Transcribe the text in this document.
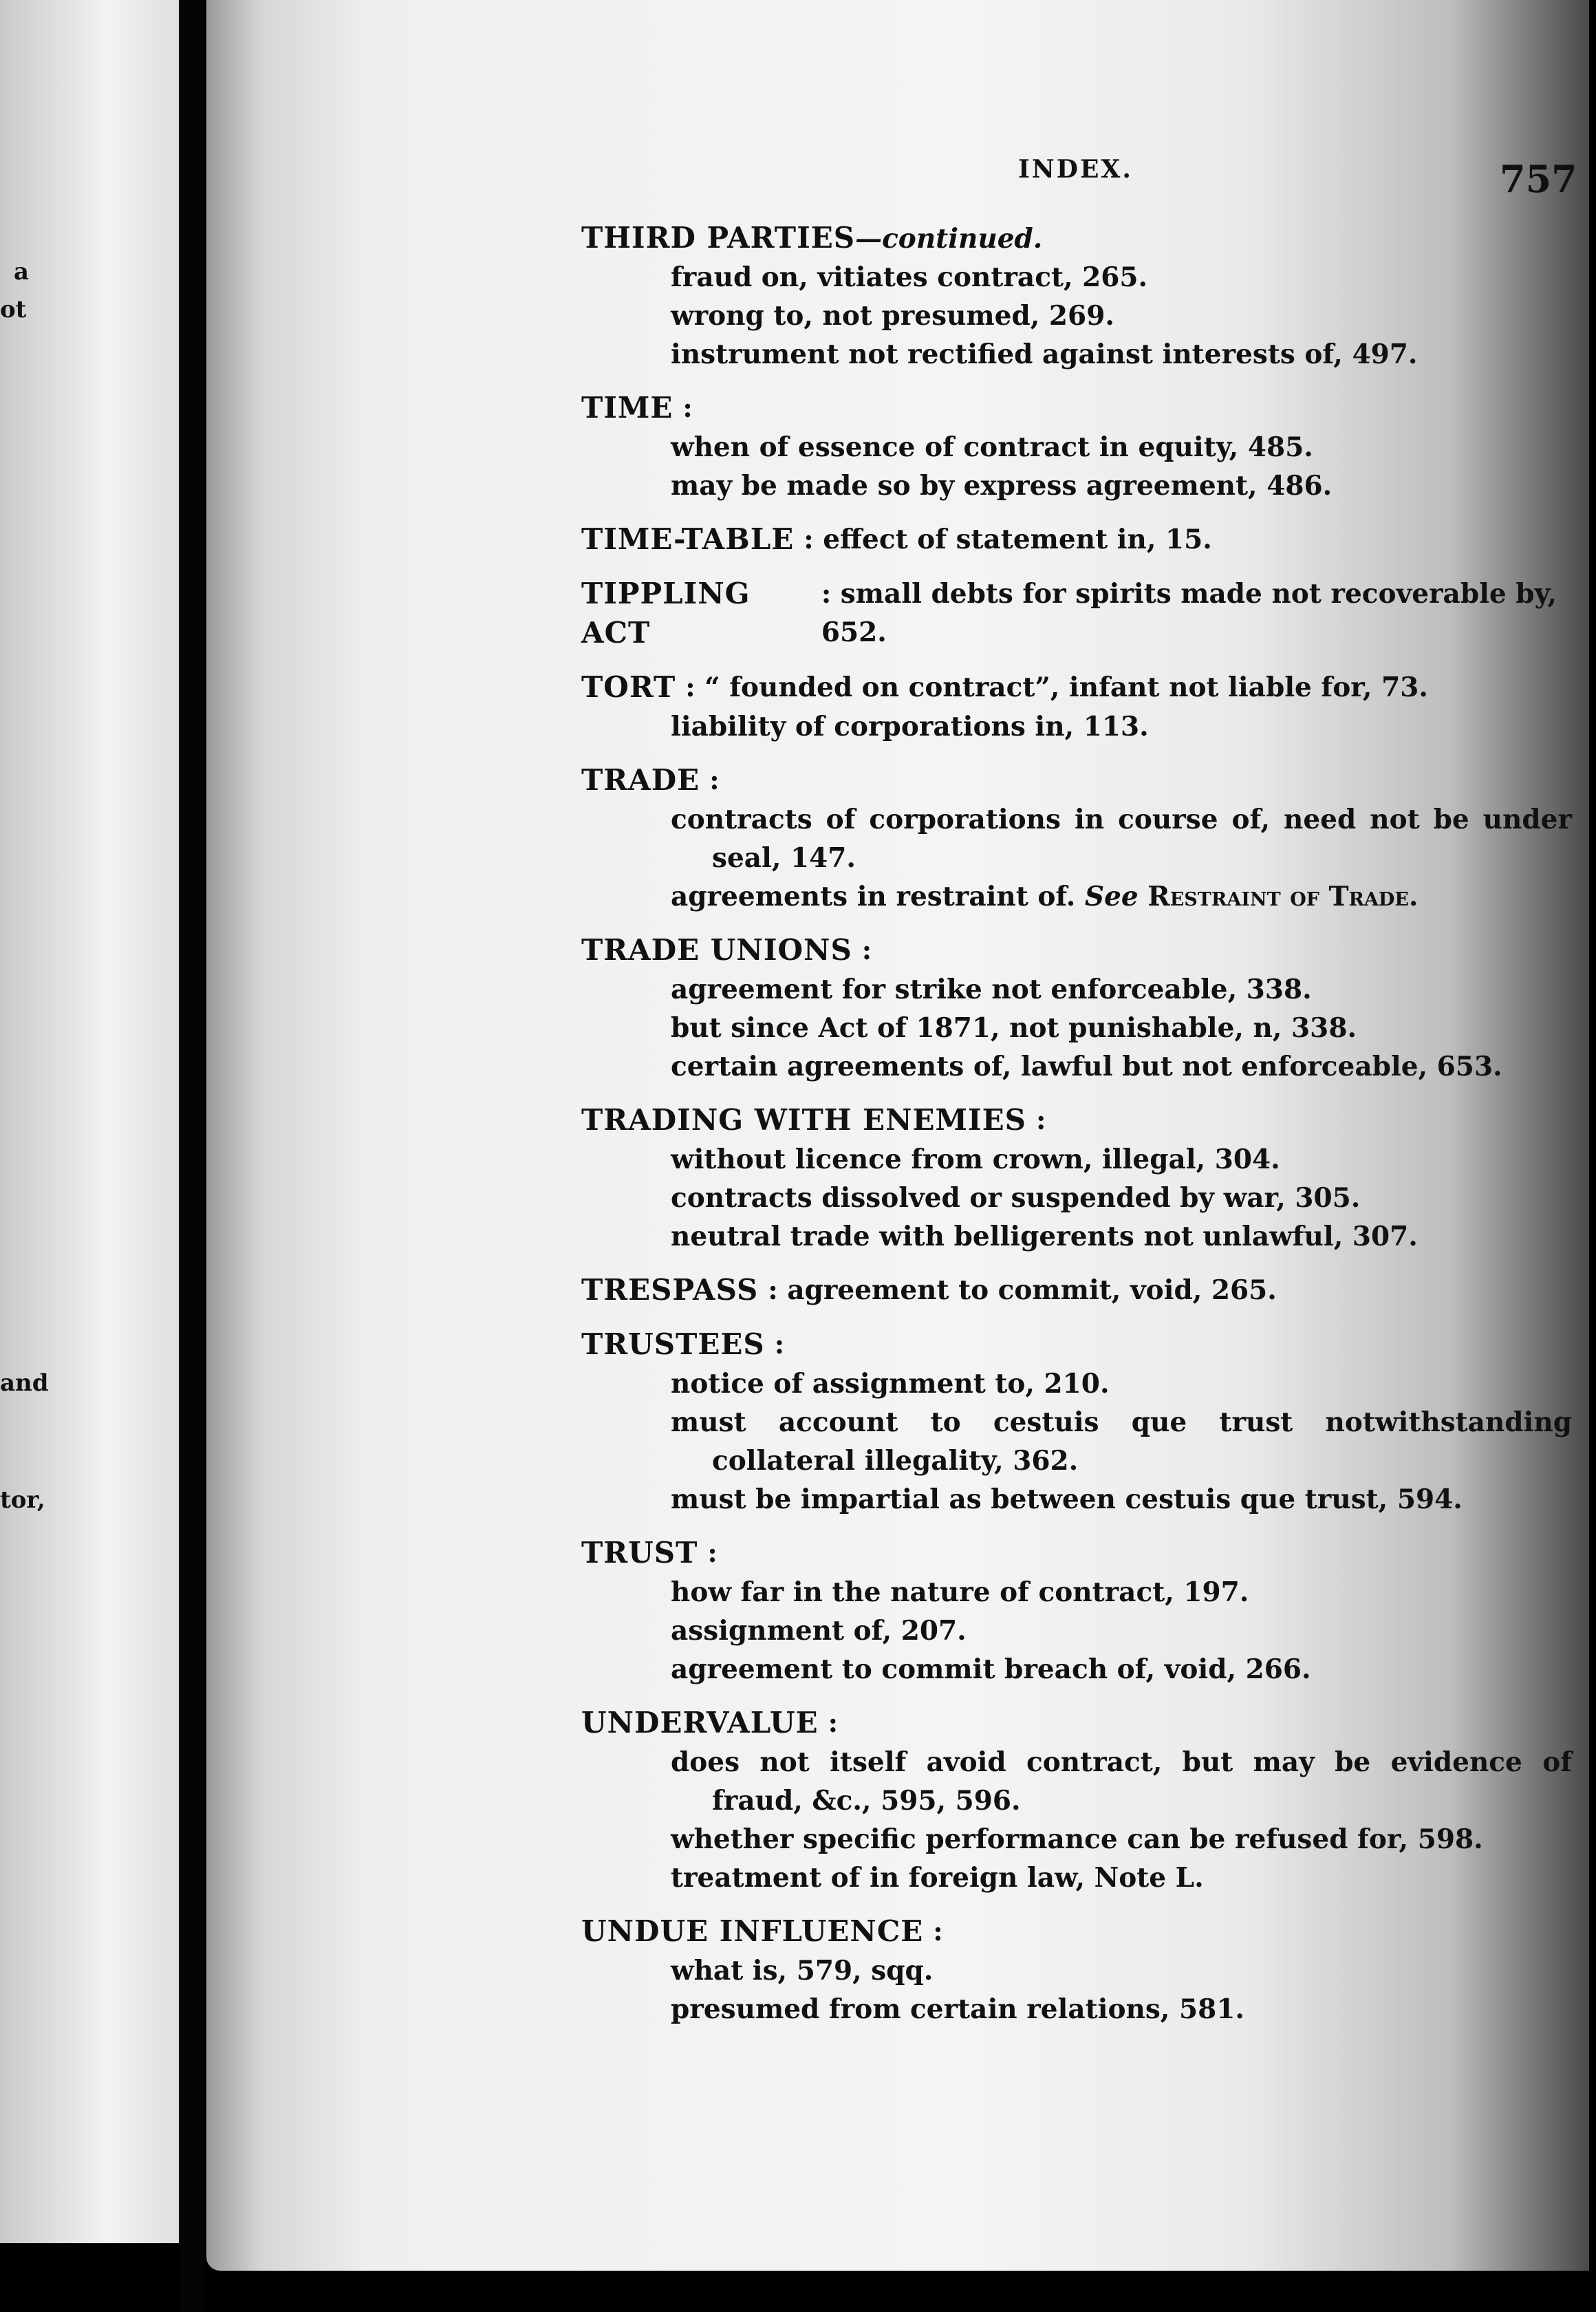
a
ot
and
tor,
INDEX.	757
THIRD PARTIES—continued.
fraud on, vitiates contract, 265.
wrong to, not presumed, 269.
instrument not rectified against interests of, 497.
TIME :
when of essence of contract in equity, 485.
may be made so by express agreement, 486.
TIME-TABLE : effect of statement in, 15.
TIPPLING ACT
: small debts for spirits made not recoverable by, 652.
TORT : “ founded on contract”, infant not liable for, 73.
liability of corporations in, 113.
TRADE :
contracts of corporations in course of, need not be under seal, 147.
agreements in restraint of. See Restraint of Trade.
TRADE UNIONS :
agreement for strike not enforceable, 338.
but since Act of 1871, not punishable, n, 338.
certain agreements of, lawful but not enforceable, 653.
TRADING WITH ENEMIES :
without licence from crown, illegal, 304.
contracts dissolved or suspended by war, 305.
neutral trade with belligerents not unlawful, 307.
TRESPASS : agreement to commit, void, 265.
TRUSTEES :
notice of assignment to, 210.
must account to cestuis que trust notwithstanding collateral illegality, 362.
must be impartial as between cestuis que trust, 594.
TRUST :
how far in the nature of contract, 197.
assignment of, 207.
agreement to commit breach of, void, 266.
UNDERVALUE :
does not itself avoid contract, but may be evidence of fraud, &c., 595, 596.
whether specific performance can be refused for, 598.
treatment of in foreign law, Note L.
UNDUE INFLUENCE :
what is, 579, sqq.
presumed from certain relations, 581.
